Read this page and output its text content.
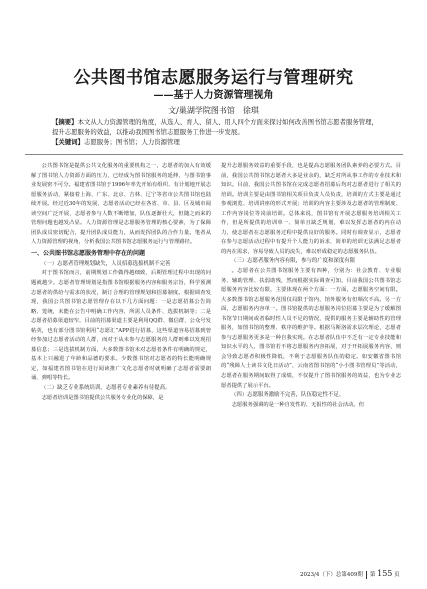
公共图书馆志愿服务运行与管理研究
——基于人力资源管理视角
文/巢湖学院图书馆　徐琪
【摘要】本文从人力资源管理的角度，从选人、育人、留人、用人四个方面来探讨如何改善图书馆志愿者服务管理，提升志愿服务的效益，以推动我国图书馆志愿服务工作进一步发展。
【关键词】志愿服务；图书馆；人力资源管理

公共图书馆是提供公共文化服务的重要机构之一，志愿者的加入有效缓解了图书馆人力资源方面的压力，已经成为图书馆服务的延伸，与图书馆事业发展密不可分。福建省图书馆于1996年率先开始有组织、有计划地开展志愿服务活动，紧接着上海、广东、北京、吉林、辽宁等省市公共图书馆也陆续开展。经过近30年的发展，志愿者活动已经在各省、市、县、区及城市阅读空间广泛开展，志愿者参与人数不断增加，队伍逐渐壮大，但随之而来的管理问题也越发凸显。人力资源管理是志愿服务管理的核心要素，为了保障团队成员密切配合，提升团队成员能力，从而发挥团队的合作力量。笔者从人力资源管理的视角，分析我国公共图书馆志愿服务运行与管理路径。

一、公共图书馆志愿服务管理中存在的问题
（一）志愿者管理规划缺失，人员招募选拔机制不完善

对于图书馆而言，前期规划工作做得越细致，后期管理过程中出现的问题就越少。志愿者管理规划是指图书馆根据服务内容和服务宗旨，科学预测志愿者的供给与需求的状况，制订合理的管理规划和招募制度。根据调查发现，我国公共图书馆志愿管理存在以下几方面问题：一是志愿招募公告简略、笼统，未能在公告中明确工作内容，所需人员条件、选拔机制等；二是志愿者招募渠道较窄，目前的招募渠道主要是利用QQ群、微信群、公众号发帖英，也有部分图书馆利用“志愿汇”APP进行招募，这些渠道容易招募到曾经参加过志愿者活动的人群，而对于从未参与志愿服务的人群则难以发现招募信息；三是选拔机制方面，大多数图书馆未对志愿者条件有明确的规定，基本上只融进了年龄和品德的要求。少数图书馆对志愿者的特长能明确规定，如福建省图书馆在进行阅读推广文化志愿者时就明确了志愿者需要朗诵、弹唱等特长。

（二）缺乏专业系统培训，志愿者专业素养有待提高。

志愿者培训是图书馆提供公共服务专业化的保障，是

提升志愿服务效益的重要手段，也是提高志愿服务团队素养的必要方式。目前，我国公共图书馆志愿者大多是业余的，缺乏对所从事工作的专业技术和知识。目前，我国公共图书馆在完成志愿者招募后均对志愿者进行了相关的培训。培训主要是由图书馆相关项目负责人员负责，培训的方式主要是通过参观浏览、培训讲座的形式开展；培训的内容主要涉及志愿者的管理制度、工作内容岗位等岗前培训。总体来说，图书馆有开展志愿服务培训相关工作，但是所提供的培训单一、简单且缺乏规划，难以发挥志愿者的内在动力，使志愿者在志愿服务过程中提供良好的服务。同时有调查显示，志愿者在参与志愿活动过程中有提升个人能力的诉求，简单的培训无法满足志愿者的内在需求，容易导致人员的流失，难以形成稳定的志愿服务队伍。

（三）志愿者服务内容有限，参与的广度和深度有限

。志愿者在公共图书馆服务主要有四种，分别为：社会教育、专业服务、辅助管理、扶弱助残，然而根据实际调查可知，目前我国公共图书馆志愿服务内容比较有限，主要体现在两个方面：一方面，志愿服务空间有限。大多数图书馆志愿服务范围仅局限于馆内，馆外服务有但频次不高。另一方面，志愿服务内容单一。图书馆提供的志愿服务岗位招募主要是为了缓解图书馆节日期间或者临时性人员不足的情况，提供的服务主要是辅助性的管理服务，如图书馆的整理、秩序的维护等。根据马斯洛需求层次理论，志愿者参与志愿服务更多是一种自我实现。在志愿者队伍中不乏有一定专业技能和知识水平的人，图书馆若不将志愿服务内容拓展，对于开拓展服务内容，则会导致志愿者积极性降低，不利于志愿服务队伍的稳定。如安徽省图书馆的“残障人士读书文化日活动”，云南省图书馆的“小小图书管理员”等活动，志愿者在服务期间取得了成绩，不仅提升了图书馆服务的效益，也为专业志愿者提供了展示平台。

（四）志愿服务激励不完善，队伍稳定性不足。

志愿服务强调的是一种自发性的、无报性的社会活动。但

2023/4（下）总第409期 第 155 页
